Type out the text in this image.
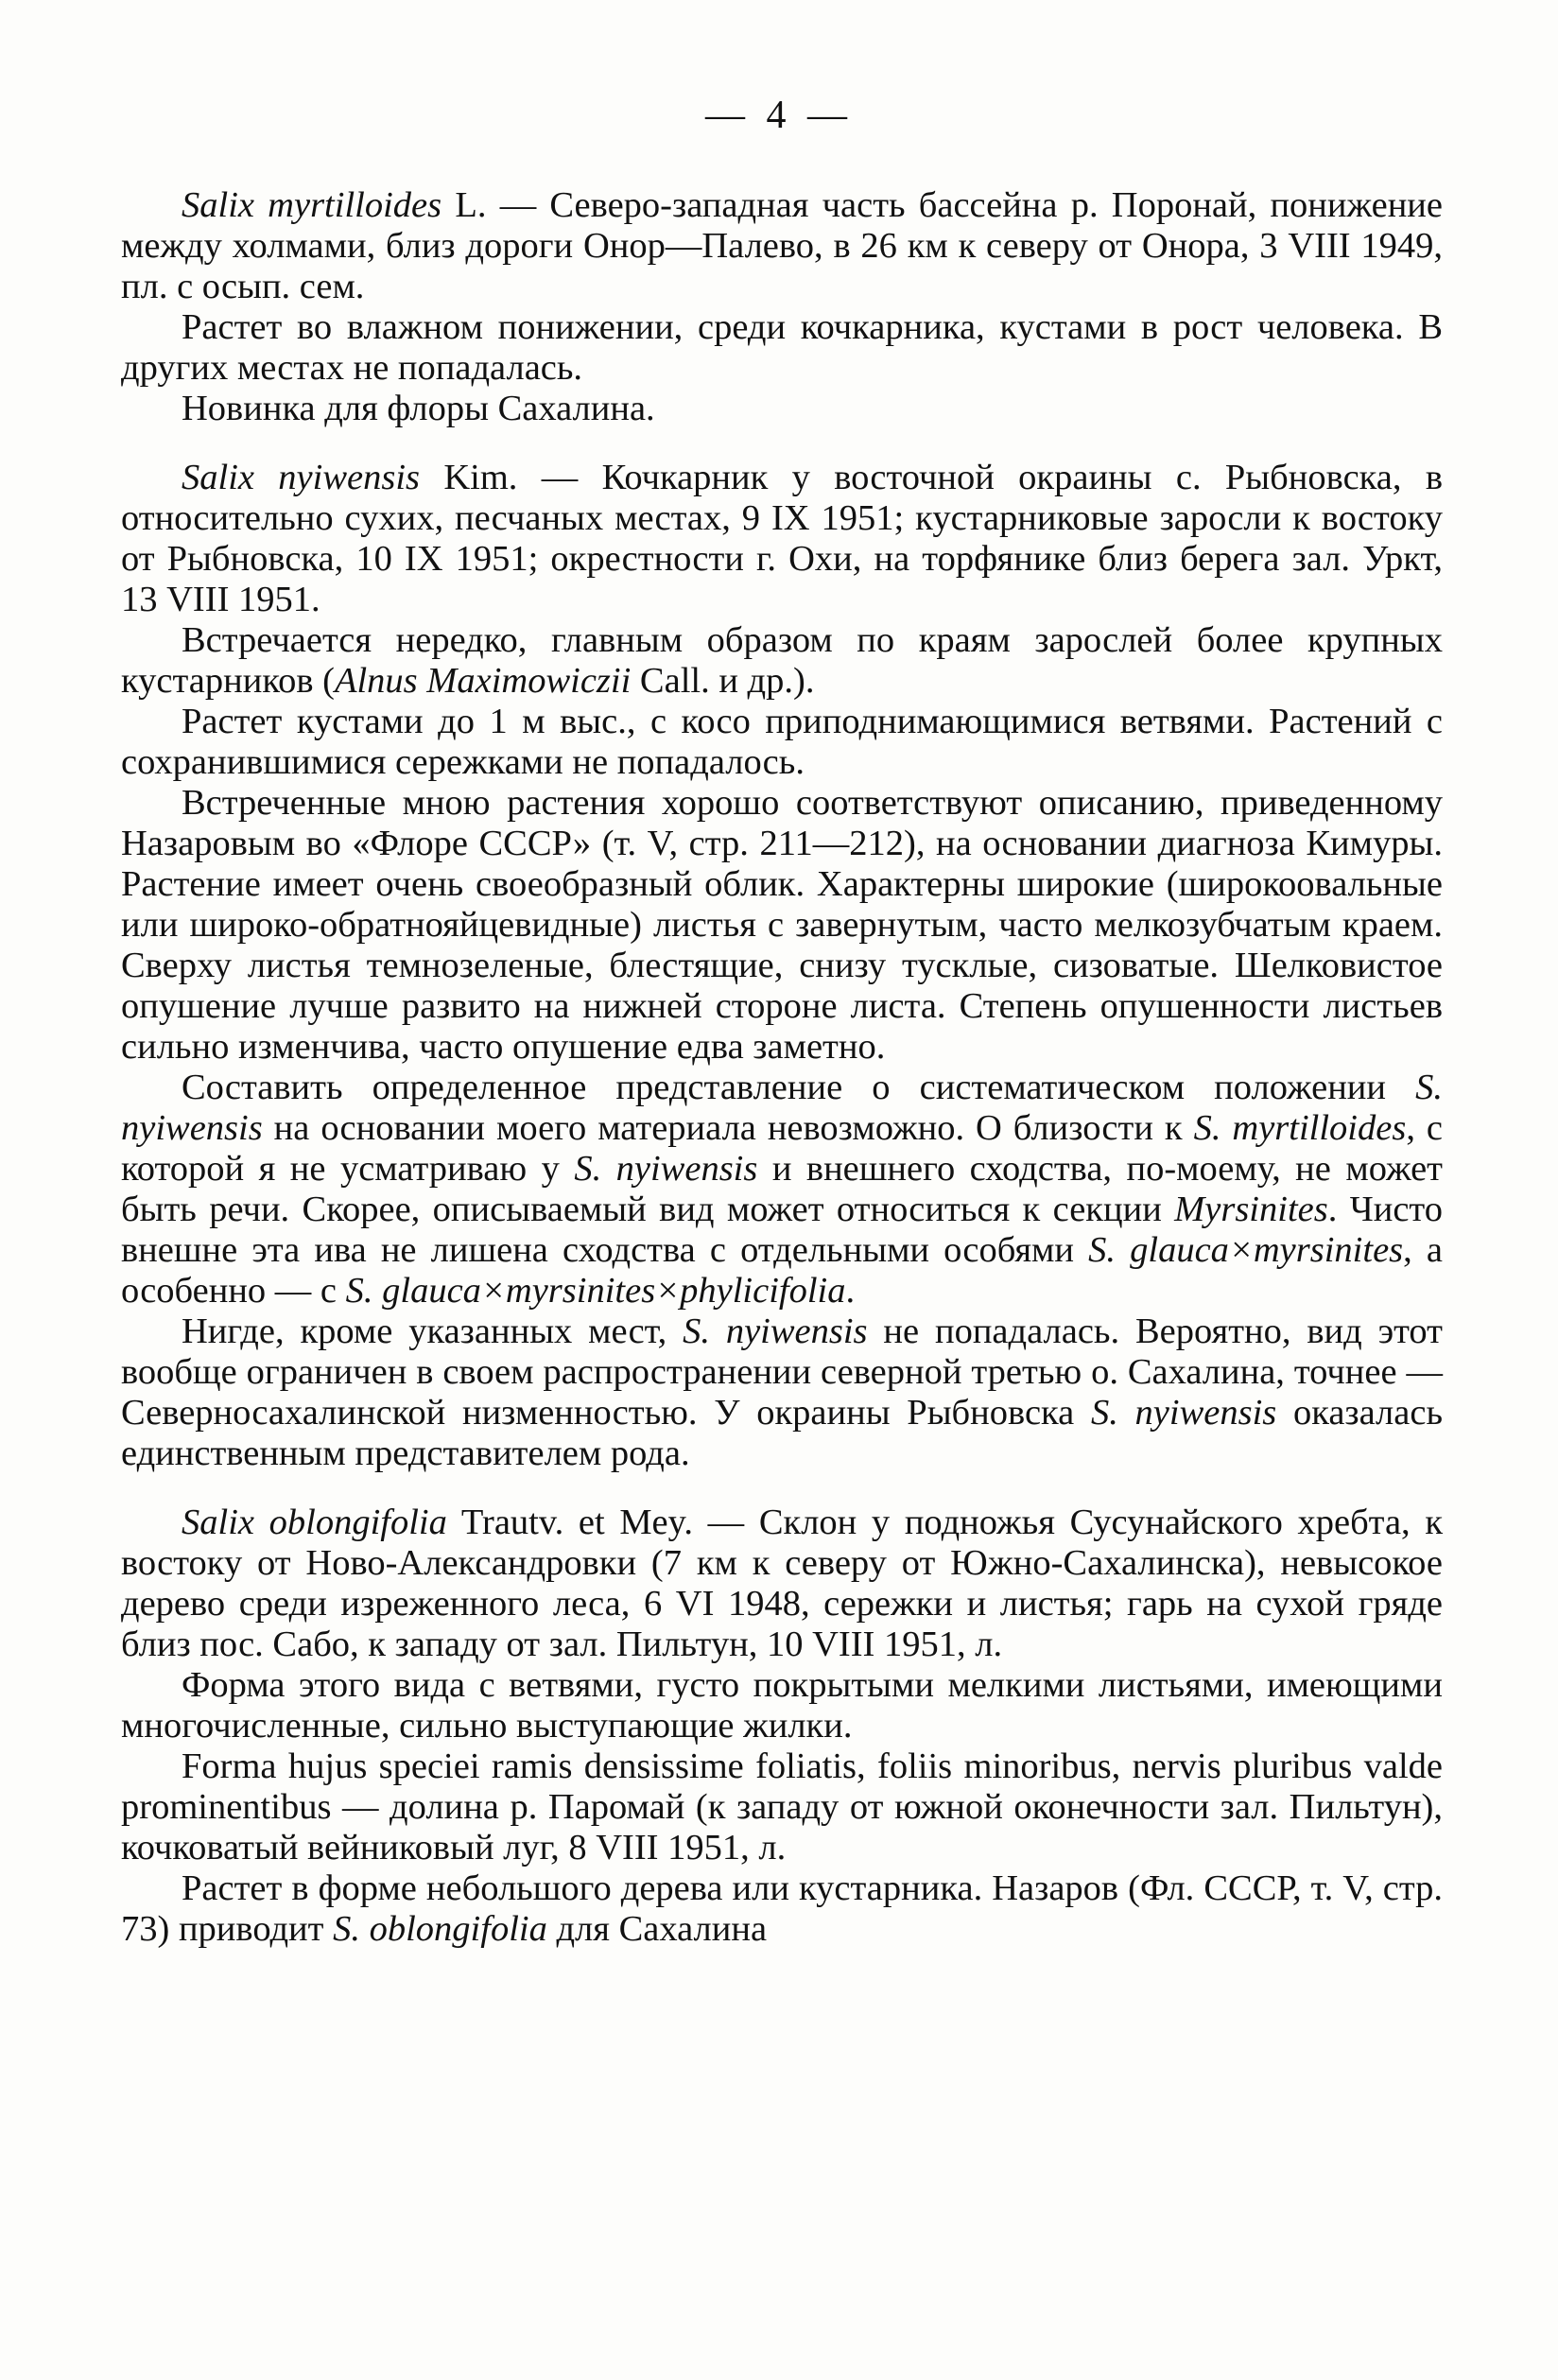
— 4 —

Salix myrtilloides L. — Северо-западная часть бассейна р. Поронай, понижение между холмами, близ дороги Онор—Палево, в 26 км к северу от Онора, 3 VIII 1949, пл. с осып. сем.

Растет во влажном понижении, среди кочкарника, кустами в рост человека. В других местах не попадалась.

Новинка для флоры Сахалина.

Salix nyiwensis Kim. — Кочкарник у восточной окраины с. Рыбновска, в относительно сухих, песчаных местах, 9 IX 1951; кустарниковые заросли к востоку от Рыбновска, 10 IX 1951; окрестности г. Охи, на торфянике близ берега зал. Уркт, 13 VIII 1951.

Встречается нередко, главным образом по краям зарослей более крупных кустарников (Alnus Maximowiczii Call. и др.).

Растет кустами до 1 м выс., с косо приподнимающимися ветвями. Растений с сохранившимися сережками не попадалось.

Встреченные мною растения хорошо соответствуют описанию, приведенному Назаровым во «Флоре СССР» (т. V, стр. 211—212), на основании диагноза Кимуры. Растение имеет очень своеобразный облик. Характерны широкие (широкоовальные или широко-обратнояйцевидные) листья с завернутым, часто мелкозубчатым краем. Сверху листья темнозеленые, блестящие, снизу тусклые, сизоватые. Шелковистое опушение лучше развито на нижней стороне листа. Степень опушенности листьев сильно изменчива, часто опушение едва заметно.

Составить определенное представление о систематическом положении S. nyiwensis на основании моего материала невозможно. О близости к S. myrtilloides, с которой я не усматриваю у S. nyiwensis и внешнего сходства, по-моему, не может быть речи. Скорее, описываемый вид может относиться к секции Myrsinites. Чисто внешне эта ива не лишена сходства с отдельными особями S. glauca×myrsinites, а особенно — с S. glauca×myrsinites×phylicifolia.

Нигде, кроме указанных мест, S. nyiwensis не попадалась. Вероятно, вид этот вообще ограничен в своем распространении северной третью о. Сахалина, точнее — Северносахалинской низменностью. У окраины Рыбновска S. nyiwensis оказалась единственным представителем рода.

Salix oblongifolia Trautv. et Mey. — Склон у подножья Сусунайского хребта, к востоку от Ново-Александровки (7 км к северу от Южно-Сахалинска), невысокое дерево среди изреженного леса, 6 VI 1948, сережки и листья; гарь на сухой гряде близ пос. Сабо, к западу от зал. Пильтун, 10 VIII 1951, л.

Форма этого вида с ветвями, густо покрытыми мелкими листьями, имеющими многочисленные, сильно выступающие жилки.

Forma hujus speciei ramis densissime foliatis, foliis minoribus, nervis pluribus valde prominentibus — долина р. Паромай (к западу от южной оконечности зал. Пильтун), кочковатый вейниковый луг, 8 VIII 1951, л.

Растет в форме небольшого дерева или кустарника. Назаров (Фл. СССР, т. V, стр. 73) приводит S. oblongifolia для Сахалина
